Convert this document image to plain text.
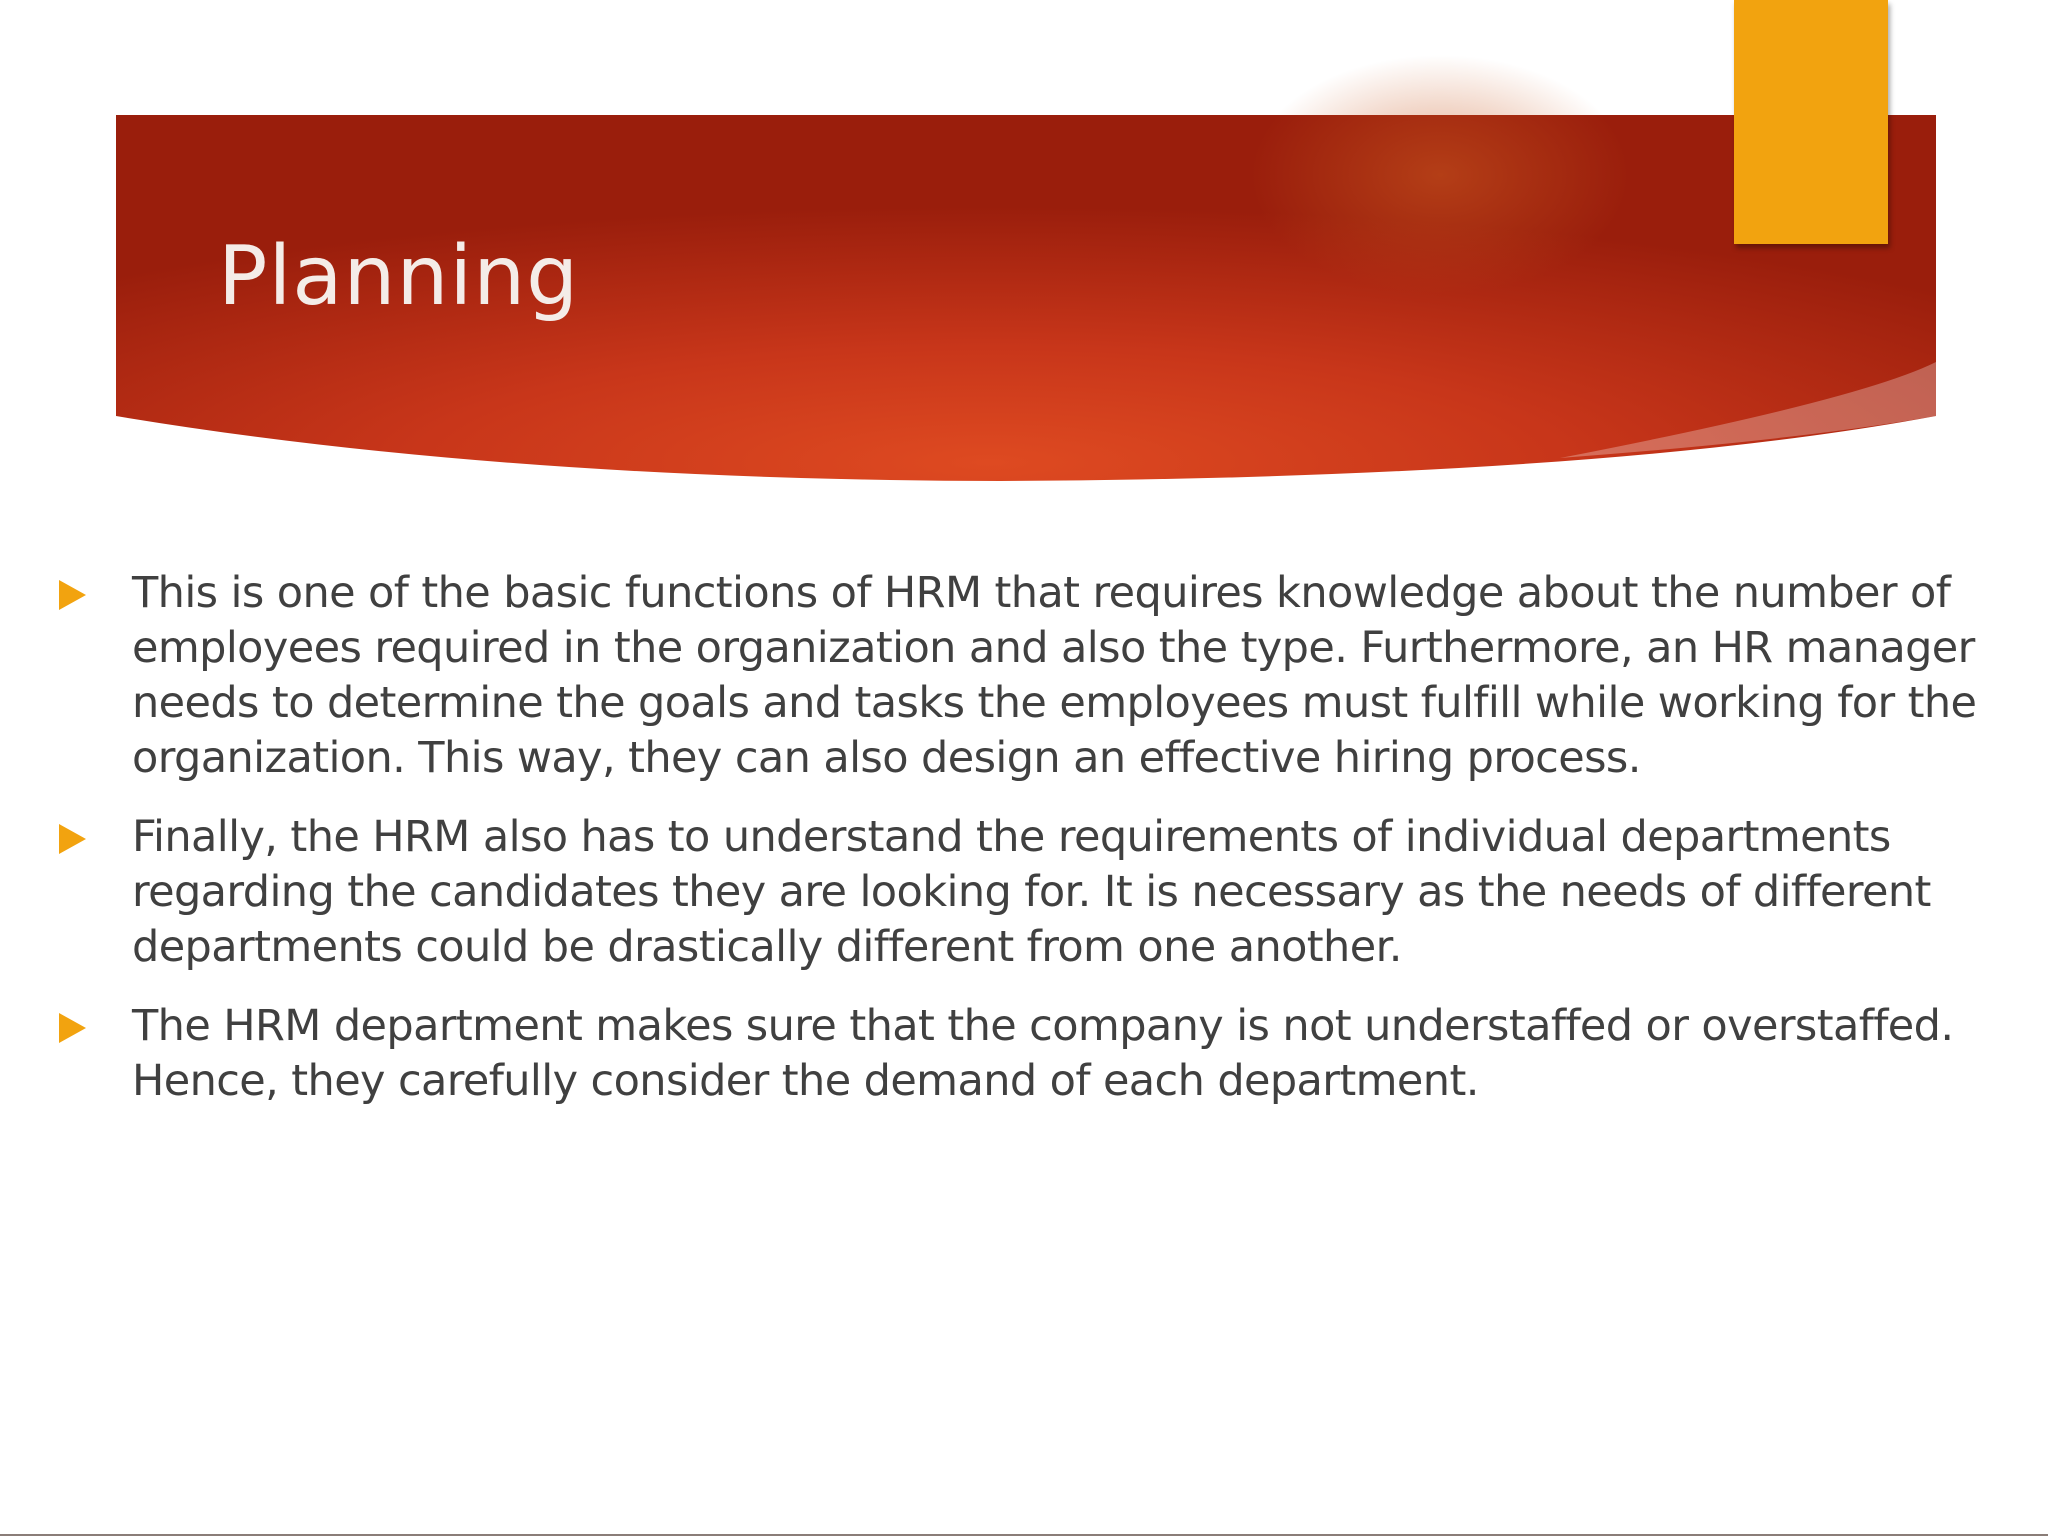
Planning
This is one of the basic functions of HRM that requires knowledge about the number of employees required in the organization and also the type. Furthermore, an HR manager needs to determine the goals and tasks the employees must fulfill while working for the organization. This way, they can also design an effective hiring process.
Finally, the HRM also has to understand the requirements of individual departments regarding the candidates they are looking for. It is necessary as the needs of different departments could be drastically different from one another.
The HRM department makes sure that the company is not understaffed or overstaffed. Hence, they carefully consider the demand of each department.
